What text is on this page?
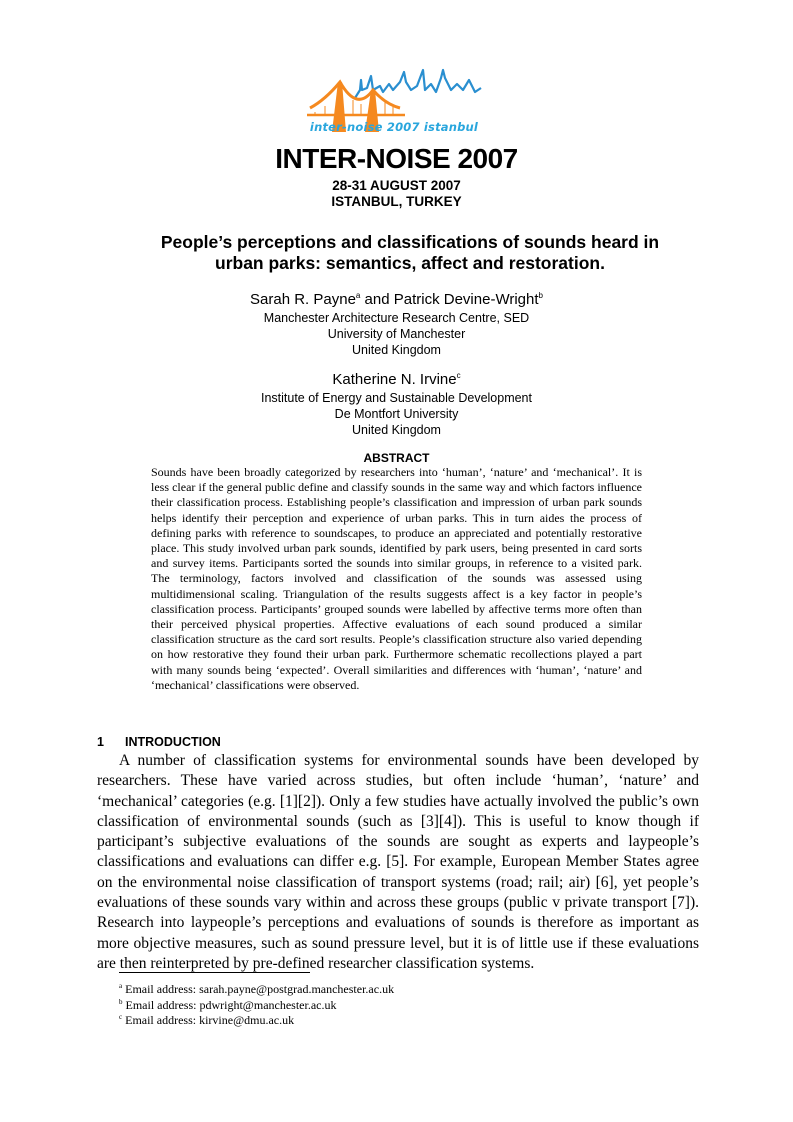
inter-noise 2007 istanbul
INTER-NOISE 2007
28-31 AUGUST 2007
ISTANBUL, TURKEY
People’s perceptions and classifications of sounds heard in
urban parks: semantics, affect and restoration.
Sarah R. Payne$^a$ and Patrick Devine-Wright$^b$
Manchester Architecture Research Centre, SED
University of Manchester
United Kingdom
Katherine N. Irvine$^c$
Institute of Energy and Sustainable Development
De Montfort University
United Kingdom
ABSTRACT
Sounds have been broadly categorized by researchers into ‘human’, ‘nature’ and ‘mechanical’. It is less clear if the general public define and classify sounds in the same way and which factors influence their classification process. Establishing people’s classification and impression of urban park sounds helps identify their perception and experience of urban parks. This in turn aides the process of defining parks with reference to soundscapes, to produce an appreciated and potentially restorative place. This study involved urban park sounds, identified by park users, being presented in card sorts and survey items. Participants sorted the sounds into similar groups, in reference to a visited park. The terminology, factors involved and classification of the sounds was assessed using multidimensional scaling. Triangulation of the results suggests affect is a key factor in people’s classification process. Participants’ grouped sounds were labelled by affective terms more often than their perceived physical properties. Affective evaluations of each sound produced a similar classification structure as the card sort results. People’s classification structure also varied depending on how restorative they found their urban park. Furthermore schematic recollections played a part with many sounds being ‘expected’. Overall similarities and differences with ‘human’, ‘nature’ and ‘mechanical’ classifications were observed.
1 INTRODUCTION
A number of classification systems for environmental sounds have been developed by researchers. These have varied across studies, but often include ‘human’, ‘nature’ and ‘mechanical’ categories (e.g. [1][2]). Only a few studies have actually involved the public’s own classification of environmental sounds (such as [3][4]). This is useful to know though if participant’s subjective evaluations of the sounds are sought as experts and laypeople’s classifications and evaluations can differ e.g. [5]. For example, European Member States agree on the environmental noise classification of transport systems (road; rail; air) [6], yet people’s evaluations of these sounds vary within and across these groups (public v private transport [7]). Research into laypeople’s perceptions and evaluations of sounds is therefore as important as more objective measures, such as sound pressure level, but it is of little use if these evaluations are then reinterpreted by pre-defined researcher classification systems.
$^a$ Email address: sarah.payne@postgrad.manchester.ac.uk
$^b$ Email address: pdwright@manchester.ac.uk
$^c$ Email address: kirvine@dmu.ac.uk
